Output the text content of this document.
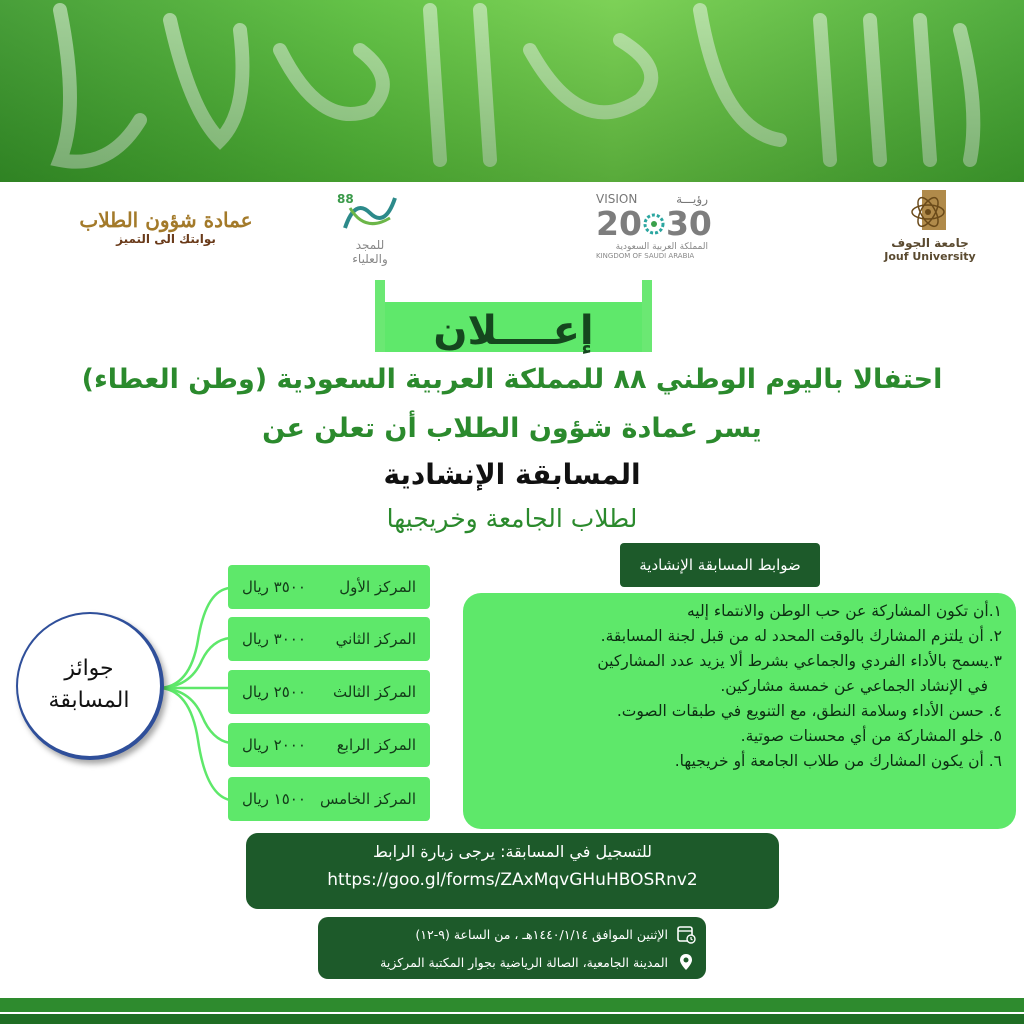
عمادة شؤون الطلاب
بوابتك الى التميز
88
للمجد
والعلياء
VISION	رؤيـــة
20 30
المملكة العربية السعودية
KINGDOM OF SAUDI ARABIA
جامعة الجوف
Jouf University
إعــــلان
احتفالا باليوم الوطني ٨٨ للمملكة العربية السعودية (وطن العطاء)
يسر عمادة شؤون الطلاب أن تعلن عن
المسابقة الإنشادية
لطلاب الجامعة وخريجيها
جوائز
المسابقة
المركز الأول
٣٥٠٠ ريال
المركز الثاني
٣٠٠٠ ريال
المركز الثالث
٢٥٠٠ ريال
المركز الرابع
٢٠٠٠ ريال
المركز الخامس
١٥٠٠ ريال
ضوابط المسابقة الإنشادية
١.أن تكون المشاركة عن حب الوطن والانتماء إليه
٢. أن يلتزم المشارك بالوقت المحدد له من قبل لجنة المسابقة.
٣.يسمح بالأداء الفردي والجماعي بشرط ألا يزيد عدد المشاركين
في الإنشاد الجماعي عن خمسة مشاركين.
٤. حسن الأداء وسلامة النطق، مع التنويع في طبقات الصوت.
٥. خلو المشاركة من أي محسنات صوتية.
٦. أن يكون المشارك من طلاب الجامعة أو خريجيها.
للتسجيل في المسابقة: يرجى زيارة الرابط
https://goo.gl/forms/ZAxMqvGHuHBOSRnv2
الإثنين الموافق ١٤٤٠/١/١٤هـ ، من الساعة (٩-١٢)
المدينة الجامعية، الصالة الرياضية بجوار المكتبة المركزية
